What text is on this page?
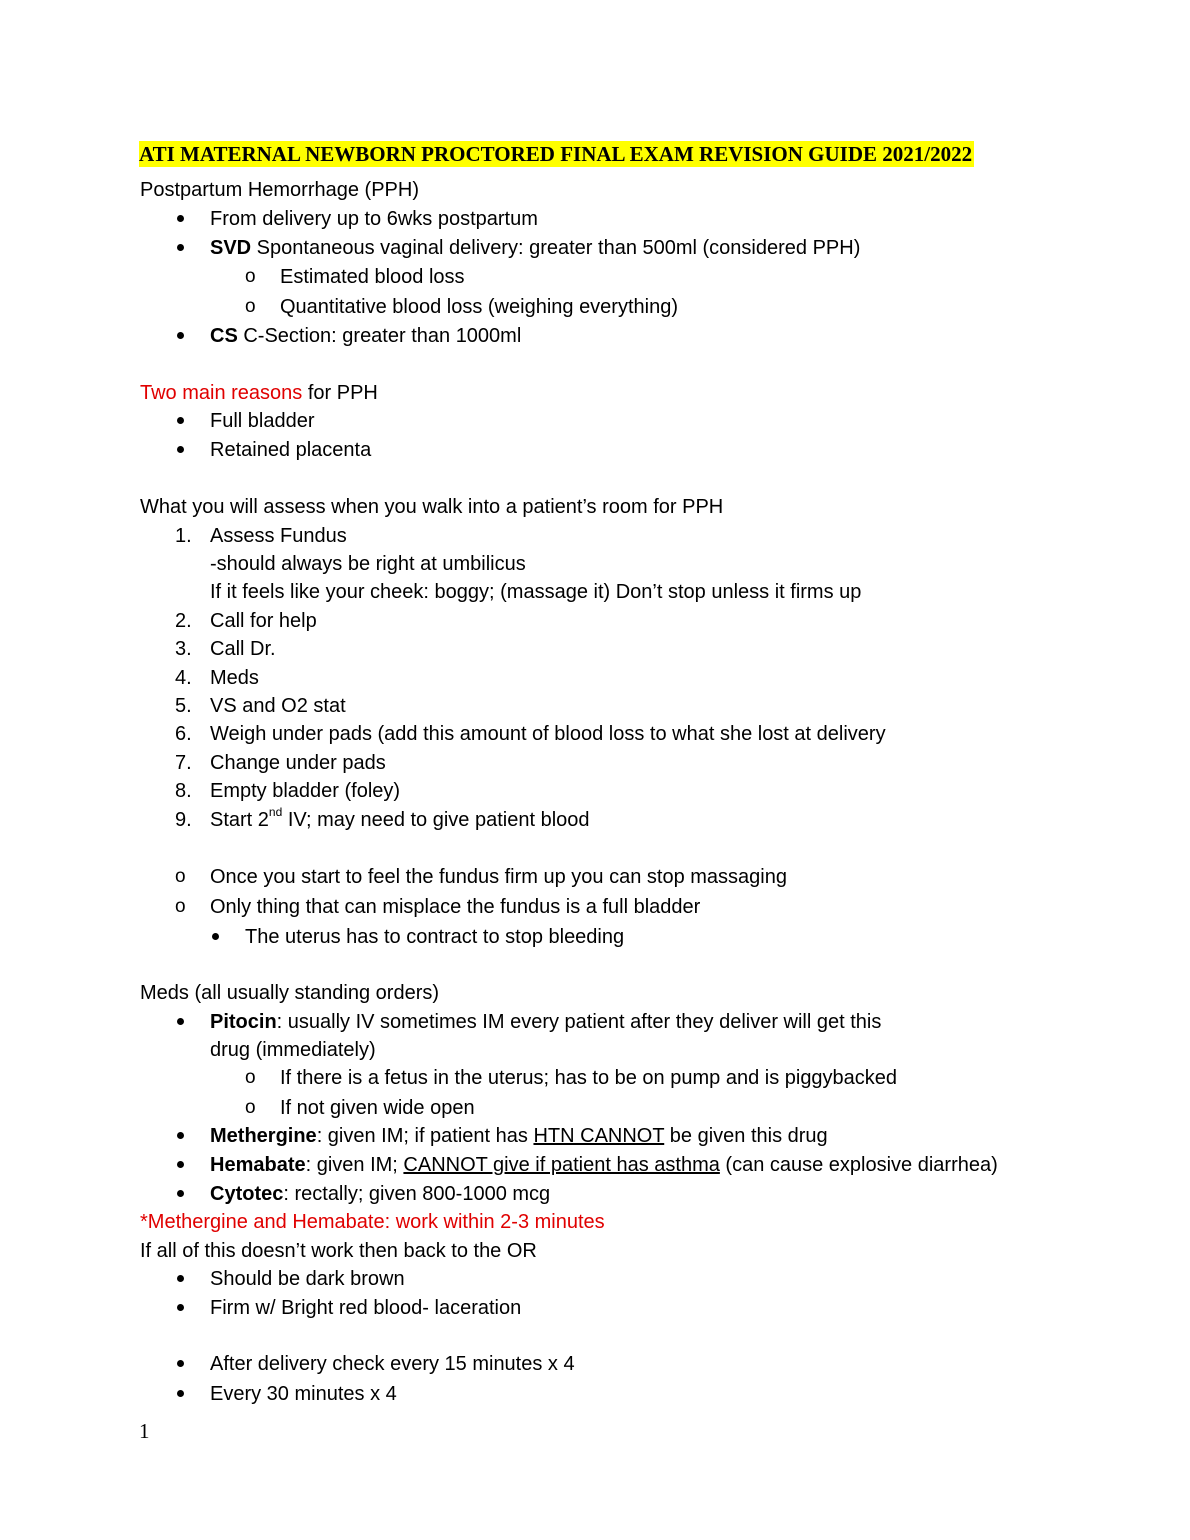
ATI MATERNAL NEWBORN PROCTORED FINAL EXAM REVISION GUIDE 2021/2022
Postpartum Hemorrhage (PPH)
From delivery up to 6wks postpartum
SVD Spontaneous vaginal delivery: greater than 500ml (considered PPH)
o Estimated blood loss
o Quantitative blood loss (weighing everything)
CS C-Section: greater than 1000ml
Two main reasons for PPH
Full bladder
Retained placenta
What you will assess when you walk into a patient’s room for PPH
1. Assess Fundus
-should always be right at umbilicus
If it feels like your cheek: boggy; (massage it) Don’t stop unless it firms up
2. Call for help
3. Call Dr.
4. Meds
5. VS and O2 stat
6. Weigh under pads (add this amount of blood loss to what she lost at delivery
7. Change under pads
8. Empty bladder (foley)
9. Start 2nd IV; may need to give patient blood
o Once you start to feel the fundus firm up you can stop massaging
o Only thing that can misplace the fundus is a full bladder
The uterus has to contract to stop bleeding
Meds (all usually standing orders)
Pitocin: usually IV sometimes IM every patient after they deliver will get this
drug (immediately)
o If there is a fetus in the uterus; has to be on pump and is piggybacked
o If not given wide open
Methergine: given IM; if patient has HTN CANNOT be given this drug
Hemabate: given IM; CANNOT give if patient has asthma (can cause explosive diarrhea)
Cytotec: rectally; given 800-1000 mcg
*Methergine and Hemabate: work within 2-3 minutes
If all of this doesn’t work then back to the OR
Should be dark brown
Firm w/ Bright red blood- laceration
After delivery check every 15 minutes x 4
Every 30 minutes x 4
1
